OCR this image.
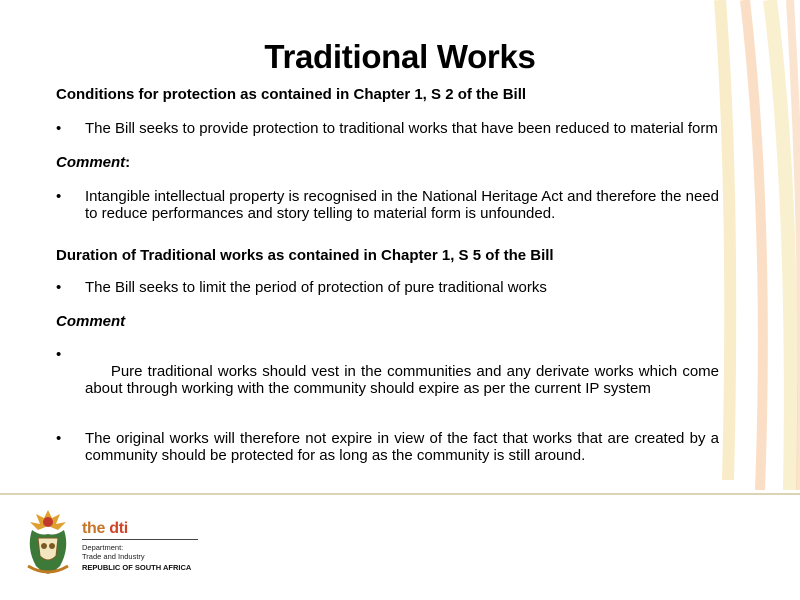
Traditional Works

Conditions for protection as contained in Chapter 1, S 2 of the Bill

• The Bill seeks to provide protection to traditional works that have been reduced to material form

Comment:

• Intangible intellectual property is recognised in the National Heritage Act and therefore the need to reduce performances and story telling to material form is unfounded.

Duration of Traditional works as contained in Chapter 1, S 5 of the Bill

• The Bill seeks to limit the period of protection of pure traditional works

Comment

•
Pure traditional works should vest in the communities and any derivate works which come about through working with the community should expire as per the current IP system

• The original works will therefore not expire in view of the fact that works that are created by a community should be protected for as long as the community is still around.

the dti
Department:
Trade and Industry
REPUBLIC OF SOUTH AFRICA
